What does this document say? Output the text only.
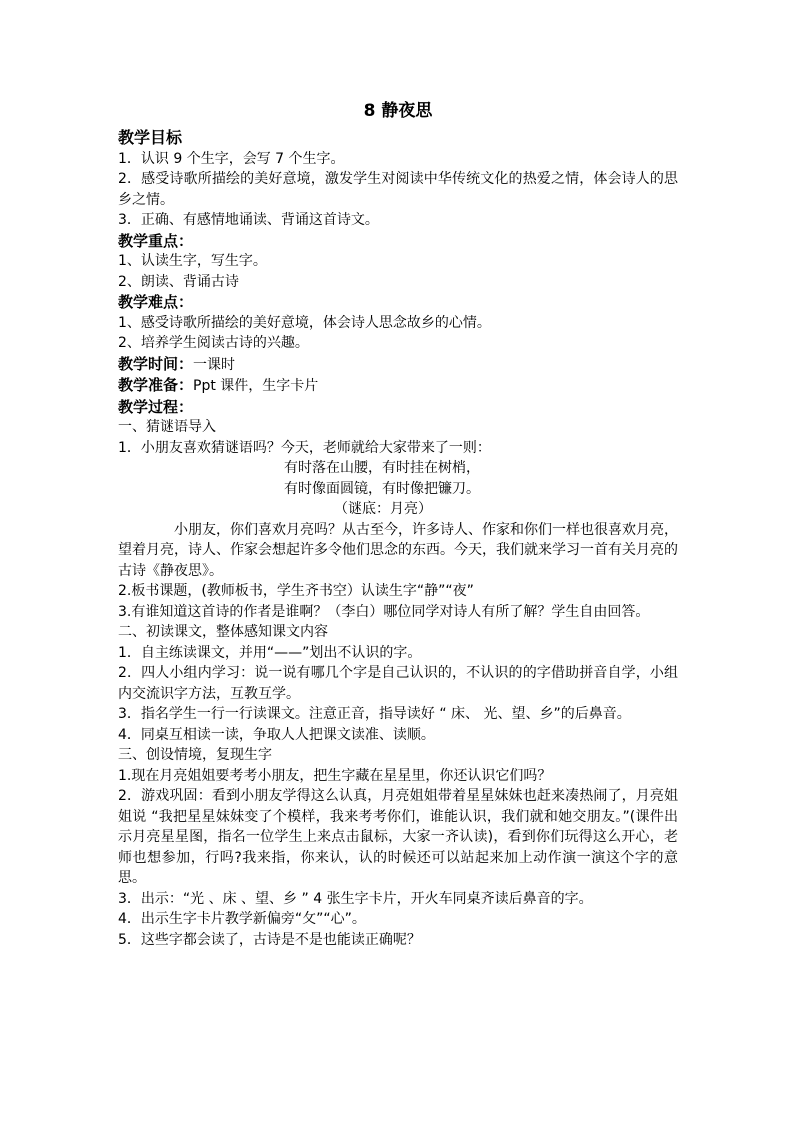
8 静夜思
教学目标
1．认识 9 个生字，会写 7 个生字。
2．感受诗歌所描绘的美好意境，激发学生对阅读中华传统文化的热爱之情，体会诗人的思乡之情。
3．正确、有感情地诵读、背诵这首诗文。
教学重点：
1、认读生字，写生字。
2、朗读、背诵古诗
教学难点：
1、感受诗歌所描绘的美好意境，体会诗人思念故乡的心情。
2、培养学生阅读古诗的兴趣。
教学时间：一课时
教学准备：Ppt 课件，生字卡片
教学过程：
一、猜谜语导入
1．小朋友喜欢猜谜语吗？今天，老师就给大家带来了一则：
有时落在山腰，有时挂在树梢，
有时像面圆镜，有时像把镰刀。
（谜底：月亮）
小朋友，你们喜欢月亮吗？从古至今，许多诗人、作家和你们一样也很喜欢月亮，望着月亮，诗人、作家会想起许多令他们思念的东西。今天，我们就来学习一首有关月亮的古诗《静夜思》。
2.板书课题，(教师板书，学生齐书空）认读生字“静”“夜”
3.有谁知道这首诗的作者是谁啊？（李白）哪位同学对诗人有所了解？学生自由回答。
二、初读课文，整体感知课文内容
1．自主练读课文，并用“——”划出不认识的字。
2．四人小组内学习：说一说有哪几个字是自己认识的，不认识的的字借助拼音自学，小组内交流识字方法，互教互学。
3．指名学生一行一行读课文。注意正音，指导读好 “ 床、 光、望、乡”的后鼻音。
4．同桌互相读一读，争取人人把课文读准、读顺。
三、创设情境，复现生字
1.现在月亮姐姐要考考小朋友，把生字藏在星星里，你还认识它们吗？
2．游戏巩固：看到小朋友学得这么认真，月亮姐姐带着星星妹妹也赶来凑热闹了，月亮姐姐说 “我把星星妹妹变了个模样，我来考考你们，谁能认识，我们就和她交朋友。”(课件出示月亮星星图，指名一位学生上来点击鼠标，大家一齐认读)，看到你们玩得这么开心，老师也想参加，行吗?我来指，你来认，认的时候还可以站起来加上动作演一演这个字的意思。
3．出示：“光 、床 、望、乡 ” 4 张生字卡片，开火车同桌齐读后鼻音的字。
4．出示生字卡片教学新偏旁“攵”“心”。
5．这些字都会读了，古诗是不是也能读正确呢？
